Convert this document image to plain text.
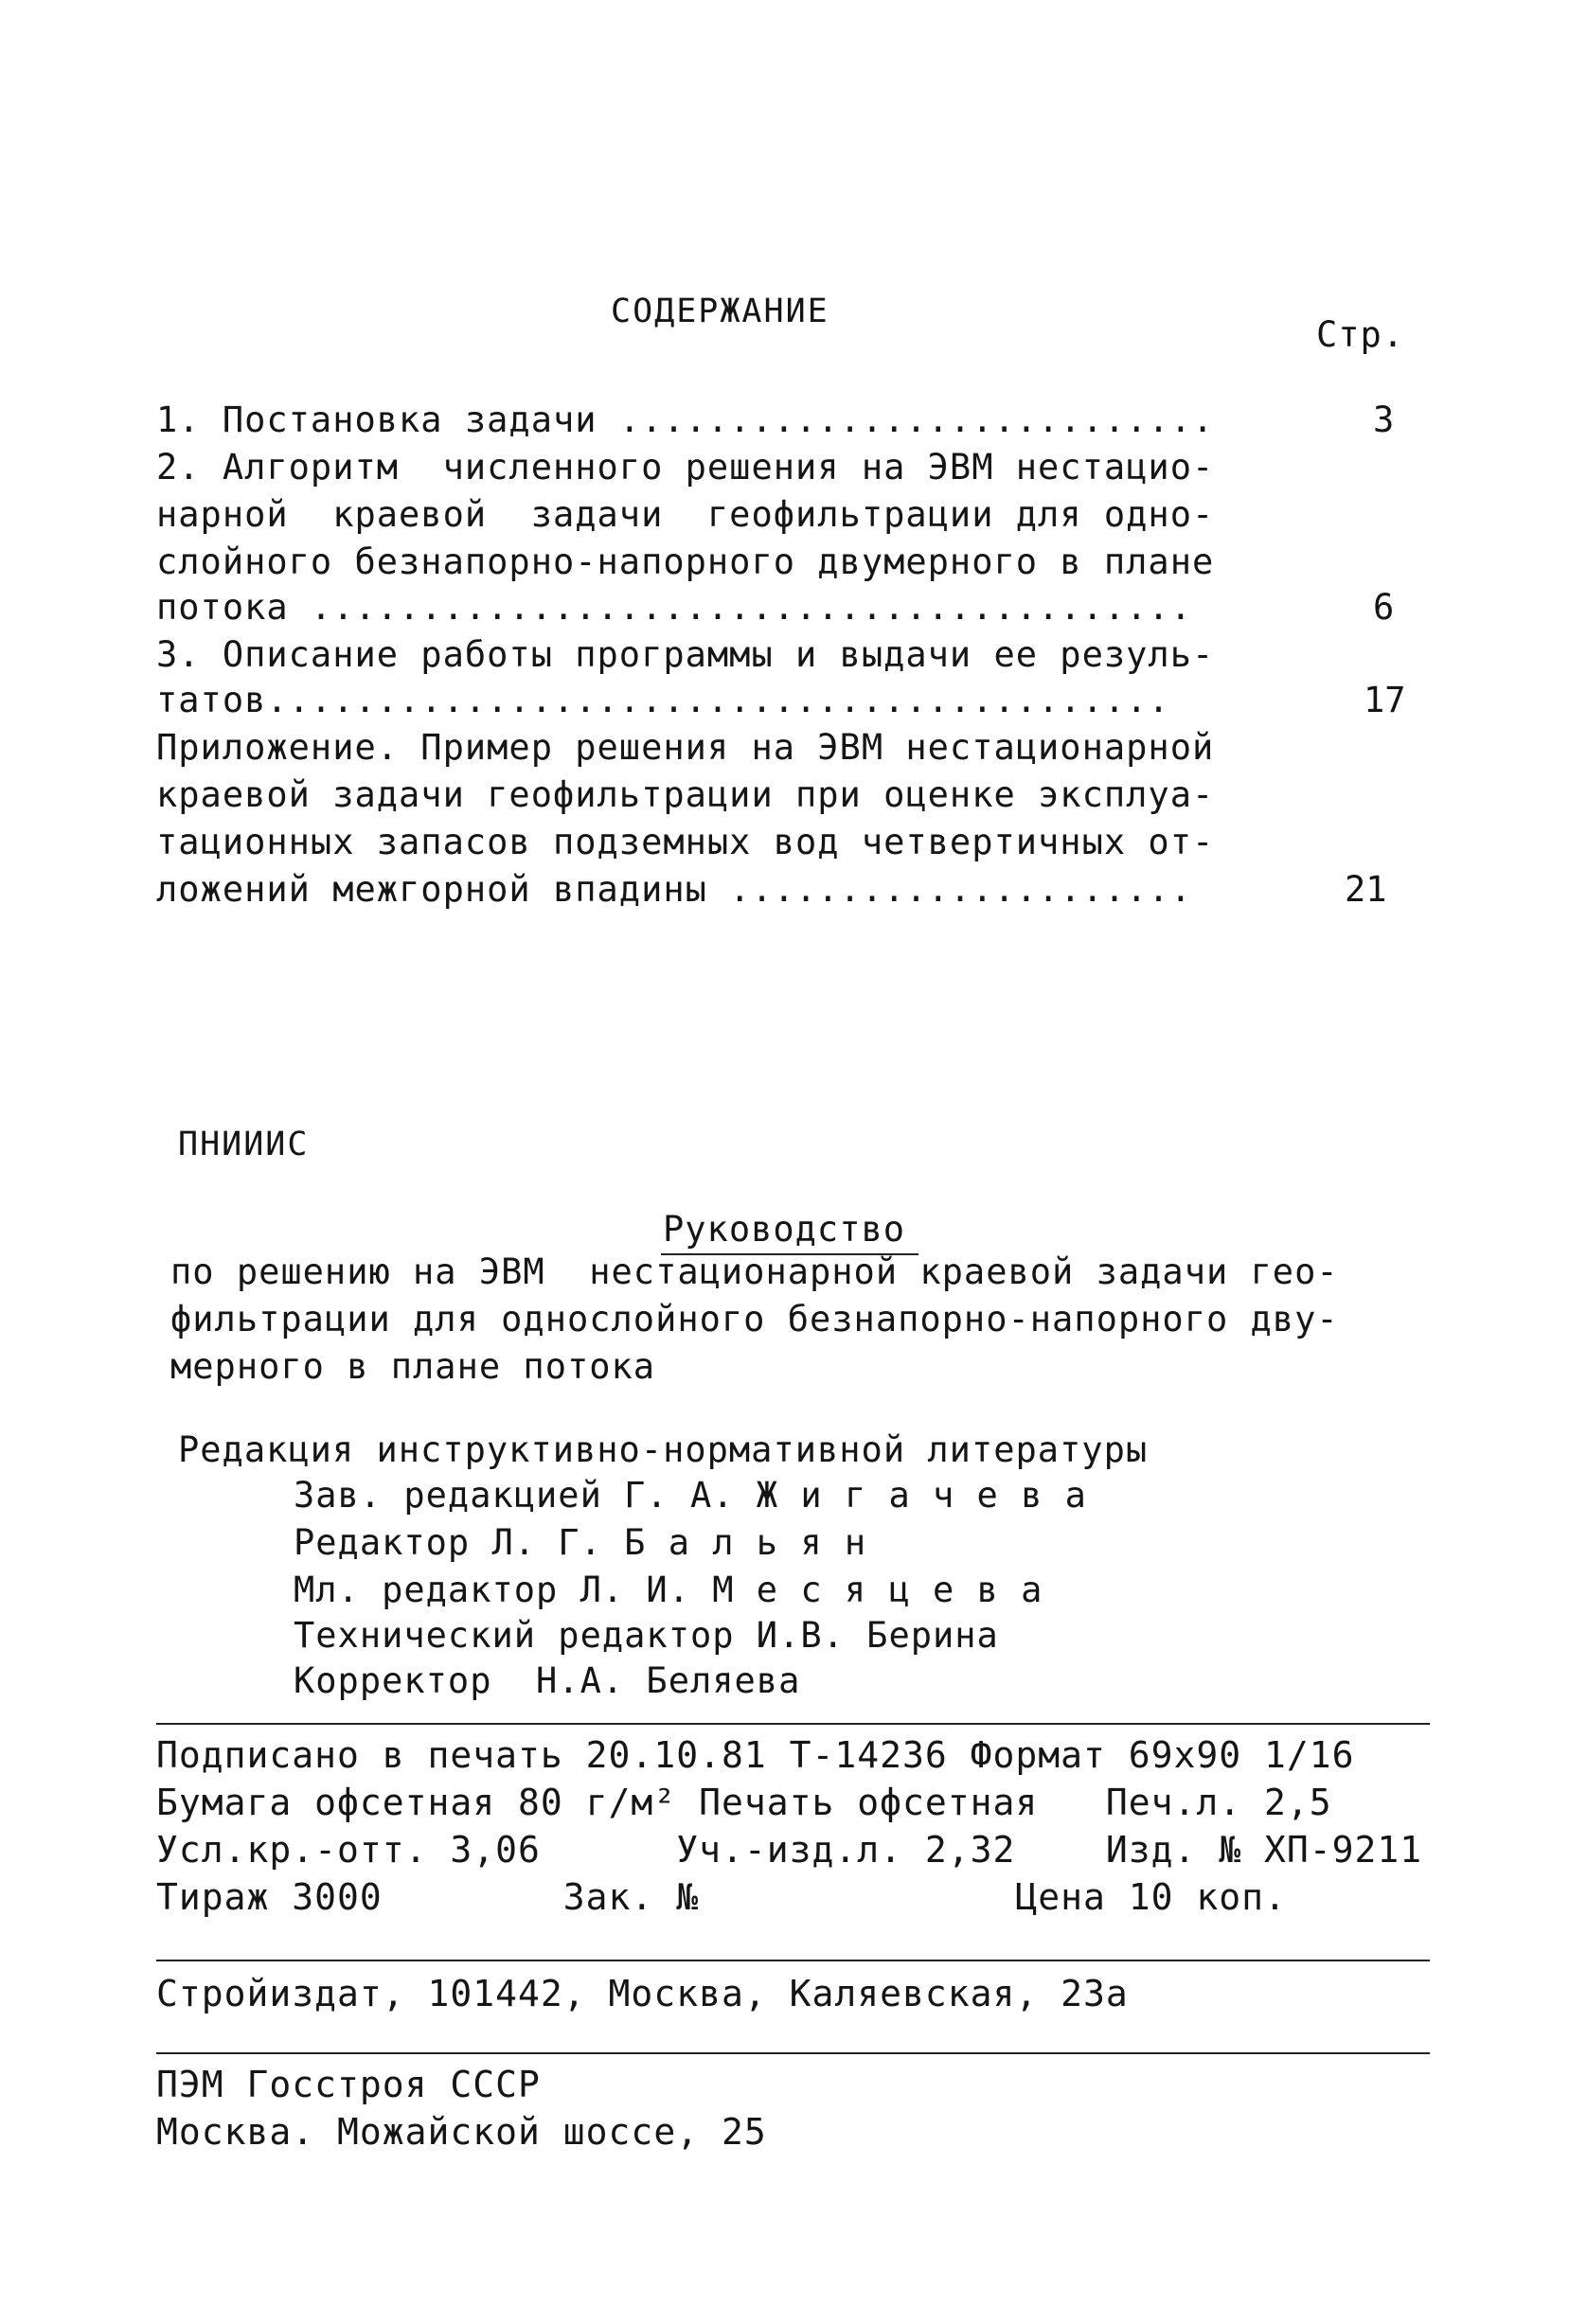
СОДЕРЖАНИЕ
Стр.
1. Постановка задачи ...........................	3
2. Алгоритм  численного решения на ЭВМ нестацио-
нарной  краевой  задачи  геофильтрации для одно-
слойного безнапорно-напорного двумерного в плане
потока ........................................	6
3. Описание работы программы и выдачи ее резуль-
татов.........................................	17
Приложение. Пример решения на ЭВМ нестационарной
краевой задачи геофильтрации при оценке эксплуа-
тационных запасов подземных вод четвертичных от-
ложений межгорной впадины .....................	21
ПНИИИС
Руководство
по решению на ЭВМ  нестационарной краевой задачи гео-
фильтрации для однослойного безнапорно-напорного дву-
мерного в плане потока
Редакция инструктивно-нормативной литературы
Зав. редакцией Г. А. Ж и г а ч е в а
Редактор Л. Г. Б а л ь я н
Мл. редактор Л. И. М е с я ц е в а
Технический редактор И.В. Берина
Корректор  Н.А. Беляева
Подписано в печать 20.10.81 Т-14236 Формат 69х90 1/16
Бумага офсетная 80 г/м² Печать офсетная   Печ.л. 2,5
Усл.кр.-отт. 3,06      Уч.-изд.л. 2,32    Изд. № ХП-9211
Тираж 3000        Зак. №              Цена 10 коп.
Стройиздат, 101442, Москва, Каляевская, 23а
ПЭМ Госстроя СССР
Москва. Можайской шоссе, 25
